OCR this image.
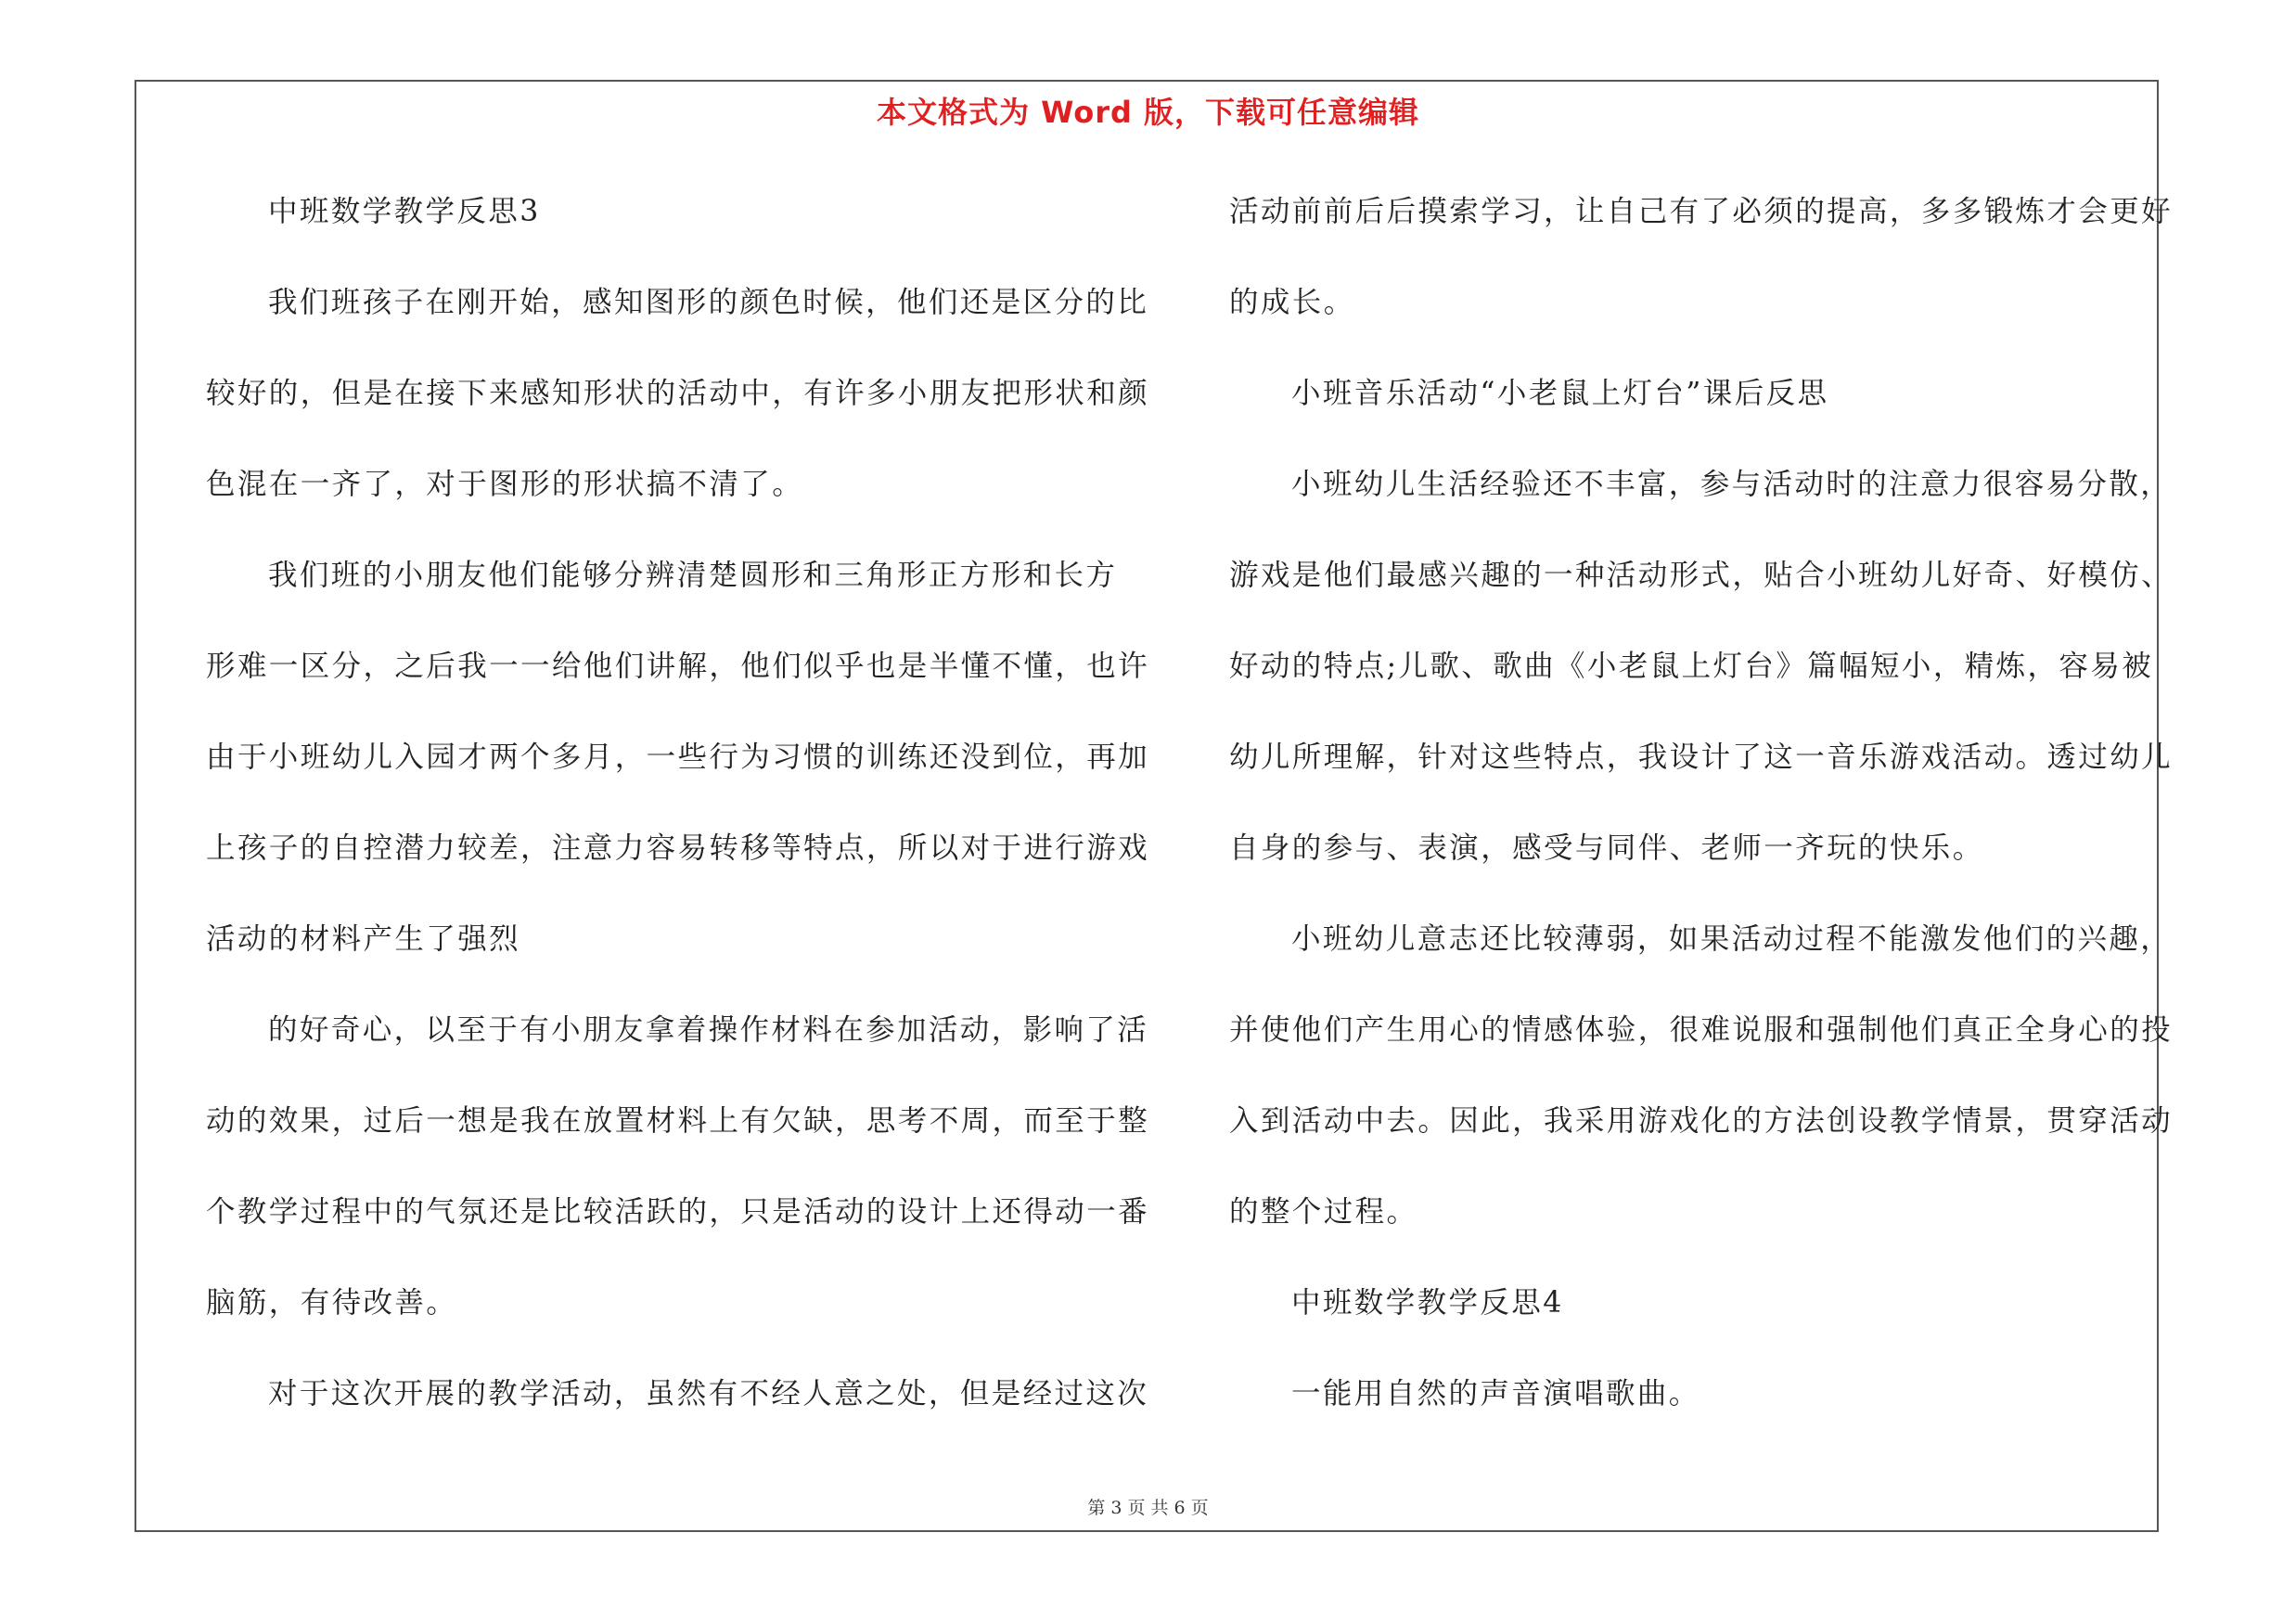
本文格式为 Word 版，下载可任意编辑
中班数学教学反思3
我们班孩子在刚开始，感知图形的颜色时候，他们还是区分的比
较好的，但是在接下来感知形状的活动中，有许多小朋友把形状和颜
色混在一齐了，对于图形的形状搞不清了。
我们班的小朋友他们能够分辨清楚圆形和三角形正方形和长方
形难一区分，之后我一一给他们讲解，他们似乎也是半懂不懂，也许
由于小班幼儿入园才两个多月，一些行为习惯的训练还没到位，再加
上孩子的自控潜力较差，注意力容易转移等特点，所以对于进行游戏
活动的材料产生了强烈
的好奇心，以至于有小朋友拿着操作材料在参加活动，影响了活
动的效果，过后一想是我在放置材料上有欠缺，思考不周，而至于整
个教学过程中的气氛还是比较活跃的，只是活动的设计上还得动一番
脑筋，有待改善。
对于这次开展的教学活动，虽然有不经人意之处，但是经过这次
活动前前后后摸索学习，让自己有了必须的提高，多多锻炼才会更好
的成长。
小班音乐活动“小老鼠上灯台”课后反思
小班幼儿生活经验还不丰富，参与活动时的注意力很容易分散，
游戏是他们最感兴趣的一种活动形式，贴合小班幼儿好奇、好模仿、
好动的特点;儿歌、歌曲《小老鼠上灯台》篇幅短小，精炼，容易被
幼儿所理解，针对这些特点，我设计了这一音乐游戏活动。透过幼儿
自身的参与、表演，感受与同伴、老师一齐玩的快乐。
小班幼儿意志还比较薄弱，如果活动过程不能激发他们的兴趣，
并使他们产生用心的情感体验，很难说服和强制他们真正全身心的投
入到活动中去。因此，我采用游戏化的方法创设教学情景，贯穿活动
的整个过程。
中班数学教学反思4
一能用自然的声音演唱歌曲。
第 3 页 共 6 页
